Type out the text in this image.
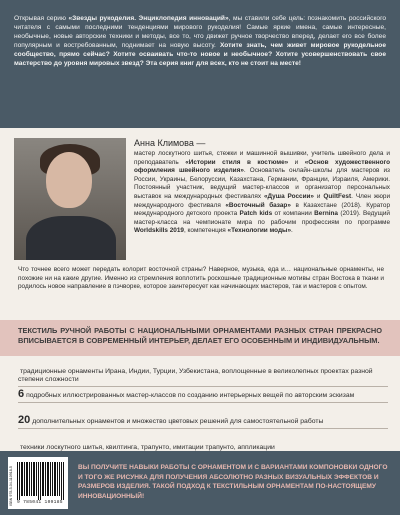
Открывая серию «Звезды рукоделия. Энциклопедия инноваций», мы ставили себе цель: познакомить российского читателя с самыми последними тенденциями мирового рукоделия! Самые яркие имена, самые интересные, необычные, новые авторские техники и методы, все то, что движет ручное творчество вперед, делает его все более популярным и востребованным, поднимает на новую высоту. Хотите знать, чем живет мировое рукодельное сообщество, прямо сейчас? Хотите осваивать что-то новое и необычное? Хотите усовершенствовать свое мастерство до уровня мировых звезд? Эта серия книг для всех, кто не стоит на месте!

Анна Климова —
мастер лоскутного шитья, стежки и машинной вышивки, учитель швейного дела и преподаватель «Истории стиля в костюме» и «Основ художественного оформления швейного изделия». Основатель онлайн-школы для мастеров из России, Украины, Белоруссии, Казахстана, Германии, Франции, Израиля, Америки. Постоянный участник, ведущий мастер-классов и организатор персональных выставок на международных фестивалях «Душа России» и QuiltFest. Член жюри международного фестиваля «Восточный базар» в Казахстане (2018). Куратор международного детского проекта Patch kids от компании Bernina (2019). Ведущий мастер-класса на чемпионате мира по рабочим профессиям по программе Worldskills 2019, компетенция «Технологии моды».
Что точнее всего может передать колорит восточной страны? Наверное, музыка, еда и… национальные орнаменты, не похожие ни на какие другие. Именно из стремления воплотить роскошные традиционные мотивы стран Востока в ткани и родилось новое направление в пэчворке, которое заинтересует как начинающих мастеров, так и мастеров с опытом.
ТЕКСТИЛЬ РУЧНОЙ РАБОТЫ С НАЦИОНАЛЬНЫМИ ОРНАМЕНТАМИ РАЗНЫХ СТРАН ПРЕКРАСНО ВПИСЫВАЕТСЯ В СОВРЕМЕННЫЙ ИНТЕРЬЕР, ДЕЛАЕТ ЕГО ОСОБЕННЫМ И ИНДИВИДУАЛЬНЫМ.
традиционные орнаменты Ирана, Индии, Турции, Узбекистана, воплощенные в великолепных проектах разной степени сложности
6 подробных иллюстрированных мастер-классов по созданию интерьерных вещей по авторским эскизам
20 дополнительных орнаментов и множество цветовых решений для самостоятельной работы
техники лоскутного шитья, квилтинга, трапунто, имитации трапунто, аппликации
ISBN 978-5-04-110918-5 9 785041 109185
ВЫ ПОЛУЧИТЕ НАВЫКИ РАБОТЫ С ОРНАМЕНТОМ И С ВАРИАНТАМИ КОМПОНОВКИ ОДНОГО И ТОГО ЖЕ РИСУНКА ДЛЯ ПОЛУЧЕНИЯ АБСОЛЮТНО РАЗНЫХ ВИЗУАЛЬНЫХ ЭФФЕКТОВ И РАЗМЕРОВ ИЗДЕЛИЯ. ТАКОЙ ПОДХОД К ТЕКСТИЛЬНЫМ ОРНАМЕНТАМ ПО-НАСТОЯЩЕМУ ИННОВАЦИОННЫЙ!
